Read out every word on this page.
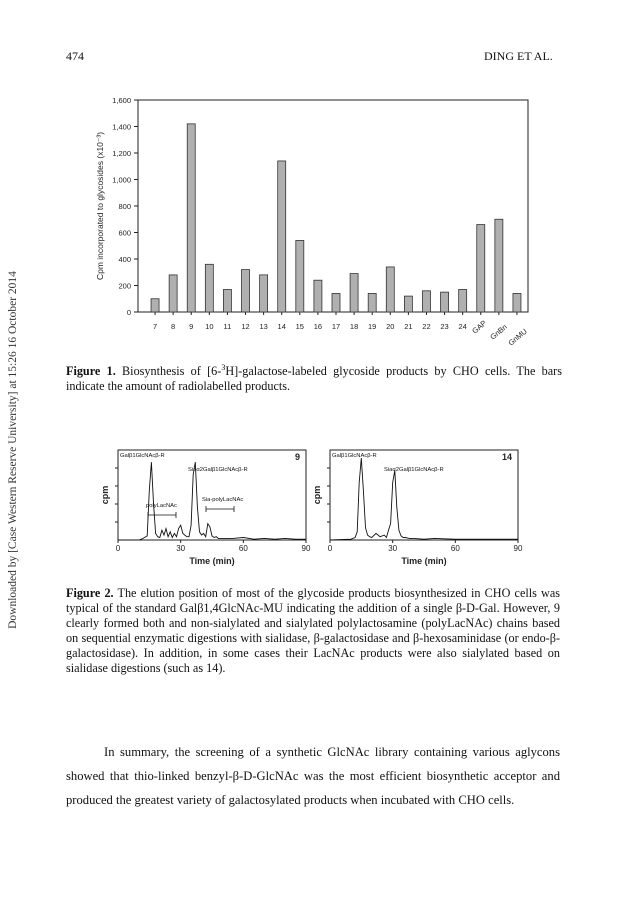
474	DING ET AL.
Downloaded by [Case Western Reserve University] at 15:26 16 October 2014	0
200
400
600
800
1,000
1,200
1,400
1,600
7 8 9 10 11 12 13 14 15 16 17 18 19 20 21 22 23 24 GAP GnBn
GnMU
Cpm incorporated to glycosides (x10⁻³)
Figure 1. Biosynthesis of [6-$^3$H]-galactose-labeled glycoside products by CHO cells. The bars indicate the amount of radiolabelled products.
0	30	60	90
Time (min)
cpm
9
Galβ1GlcNAcβ-R
Siaα2Galβ1GlcNAcβ-R
polyLacNAc
Sia-polyLacNAc
0	30	60	90
Time (min)
cpm
14
Galβ1GlcNAcβ-R
Siaα2Galβ1GlcNAcβ-R
Figure 2. The elution position of most of the glycoside products biosynthesized in CHO cells was typical of the standard Galβ1,4GlcNAc-MU indicating the addition of a single β-D-Gal. However, 9 clearly formed both and non-sialylated and sialylated polylactosamine (polyLacNAc) chains based on sequential enzymatic digestions with sialidase, β-galactosidase and β-hexosaminidase (or endo-β-galactosidase). In addition, in some cases their LacNAc products were also sialylated based on sialidase digestions (such as 14).
In summary, the screening of a synthetic GlcNAc library containing various aglycons showed that thio-linked benzyl-β-D-GlcNAc was the most efficient biosynthetic acceptor and produced the greatest variety of galactosylated products when incubated with CHO cells.
